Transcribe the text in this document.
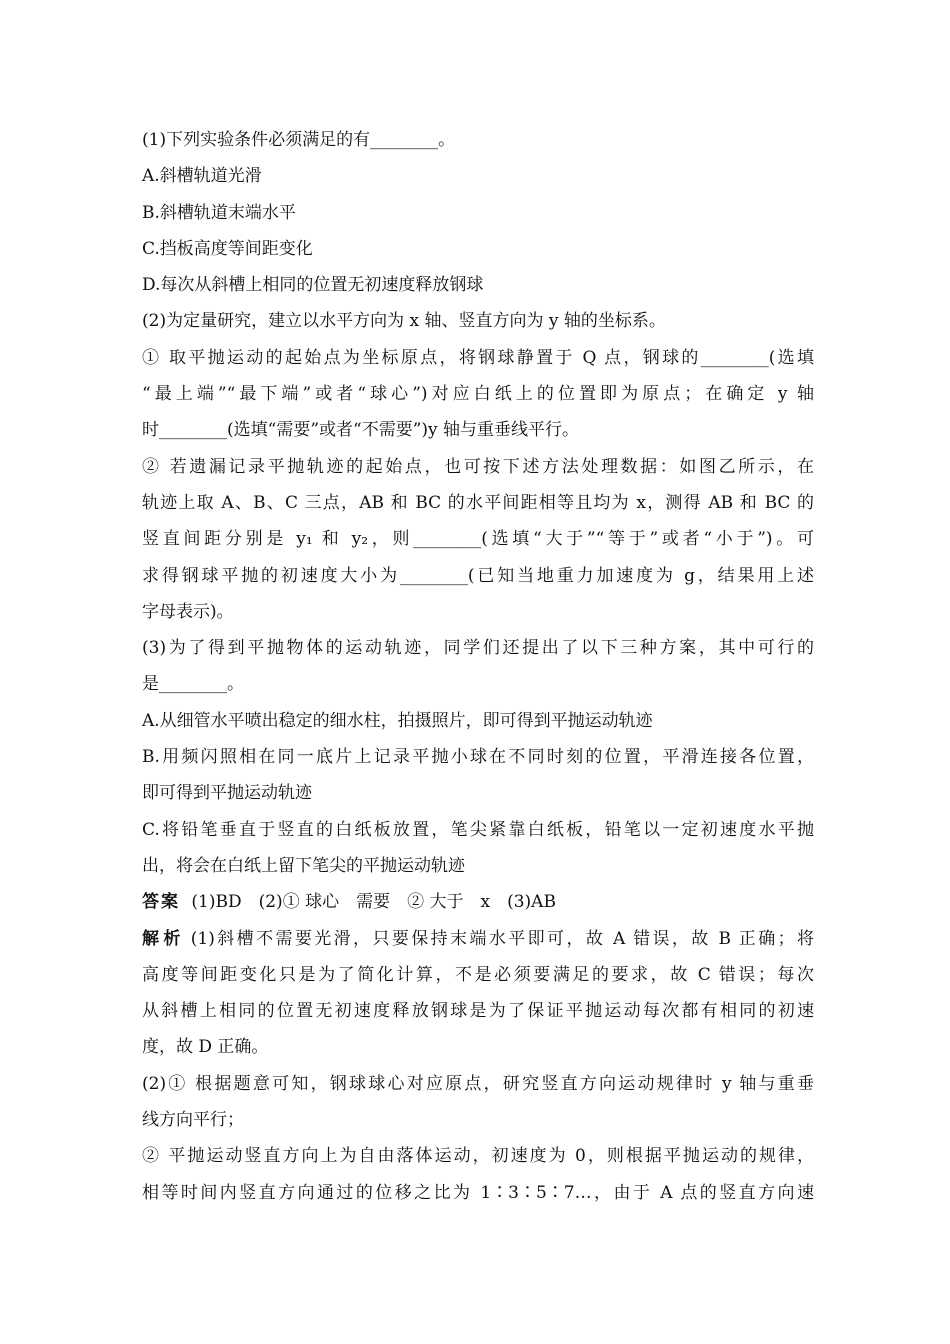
(1)下列实验条件必须满足的有________。
A.斜槽轨道光滑
B.斜槽轨道末端水平
C.挡板高度等间距变化
D.每次从斜槽上相同的位置无初速度释放钢球
(2)为定量研究，建立以水平方向为 x 轴、竖直方向为 y 轴的坐标系。
① 取平抛运动的起始点为坐标原点，将钢球静置于 Q 点，钢球的________(选填
“最上端”“最下端”或者“球心”)对应白纸上的位置即为原点；在确定 y 轴
时________(选填“需要”或者“不需要”)y 轴与重垂线平行。
② 若遗漏记录平抛轨迹的起始点，也可按下述方法处理数据：如图乙所示，在
轨迹上取 A、B、C 三点，AB 和 BC 的水平间距相等且均为 x，测得 AB 和 BC 的
竖直间距分别是 y₁ 和 y₂，则________(选填“大于”“等于”或者“小于”)。可
求得钢球平抛的初速度大小为________(已知当地重力加速度为 g，结果用上述
字母表示)。
(3)为了得到平抛物体的运动轨迹，同学们还提出了以下三种方案，其中可行的
是________。
A.从细管水平喷出稳定的细水柱，拍摄照片，即可得到平抛运动轨迹
B.用频闪照相在同一底片上记录平抛小球在不同时刻的位置，平滑连接各位置，
即可得到平抛运动轨迹
C.将铅笔垂直于竖直的白纸板放置，笔尖紧靠白纸板，铅笔以一定初速度水平抛
出，将会在白纸上留下笔尖的平抛运动轨迹
答案 (1)BD　(2)① 球心　需要　② 大于　x　(3)AB
解析 (1)斜槽不需要光滑，只要保持末端水平即可，故 A 错误，故 B 正确；将
高度等间距变化只是为了简化计算，不是必须要满足的要求，故 C 错误；每次
从斜槽上相同的位置无初速度释放钢球是为了保证平抛运动每次都有相同的初速
度，故 D 正确。
(2)① 根据题意可知，钢球球心对应原点，研究竖直方向运动规律时 y 轴与重垂
线方向平行；
② 平抛运动竖直方向上为自由落体运动，初速度为 0，则根据平抛运动的规律，
相等时间内竖直方向通过的位移之比为 1∶3∶5∶7…，由于 A 点的竖直方向速
